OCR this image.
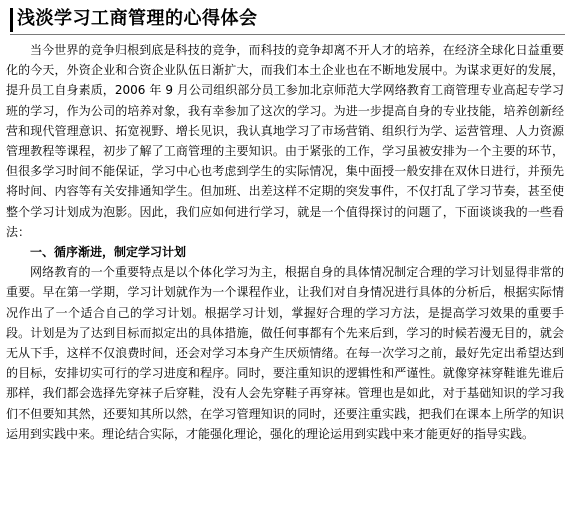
浅淡学习工商管理的心得体会

当今世界的竞争归根到底是科技的竞争，而科技的竞争却离不开人才的培养，在经济全球化日益重要化的今天，外资企业和合资企业队伍日渐扩大，而我们本土企业也在不断地发展中。为谋求更好的发展，提升员工自身素质，2006 年 9 月公司组织部分员工参加北京师范大学网络教育工商管理专业高起专学习班的学习，作为公司的培养对象，我有幸参加了这次的学习。为进一步提高自身的专业技能，培养创新经营和现代管理意识、拓宽视野、增长见识，我认真地学习了市场营销、组织行为学、运营管理、人力资源管理教程等课程，初步了解了工商管理的主要知识。由于紧张的工作，学习虽被安排为一个主要的环节，但很多学习时间不能保证，学习中心也考虑到学生的实际情况，集中面授一般安排在双休日进行，并预先将时间、内容等有关安排通知学生。但加班、出差这样不定期的突发事件，不仅打乱了学习节奏，甚至使整个学习计划成为泡影。因此，我们应如何进行学习，就是一个值得探讨的问题了，下面谈谈我的一些看法：

一、循序渐进，制定学习计划

网络教育的一个重要特点是以个体化学习为主，根据自身的具体情况制定合理的学习计划显得非常的重要。早在第一学期，学习计划就作为一个课程作业，让我们对自身情况进行具体的分析后，根据实际情况作出了一个适合自己的学习计划。根据学习计划，掌握好合理的学习方法，是提高学习效果的重要手段。计划是为了达到目标而拟定出的具体措施，做任何事都有个先来后到，学习的时候若漫无目的，就会无从下手，这样不仅浪费时间，还会对学习本身产生厌烦情绪。在每一次学习之前，最好先定出希望达到的目标，安排切实可行的学习进度和程序。同时，要注重知识的逻辑性和严谨性。就像穿袜穿鞋谁先谁后那样，我们都会选择先穿袜子后穿鞋，没有人会先穿鞋子再穿袜。管理也是如此，对于基础知识的学习我们不但要知其然，还要知其所以然，在学习管理知识的同时，还要注重实践，把我们在课本上所学的知识运用到实践中来。理论结合实际，才能强化理论，强化的理论运用到实践中来才能更好的指导实践。
